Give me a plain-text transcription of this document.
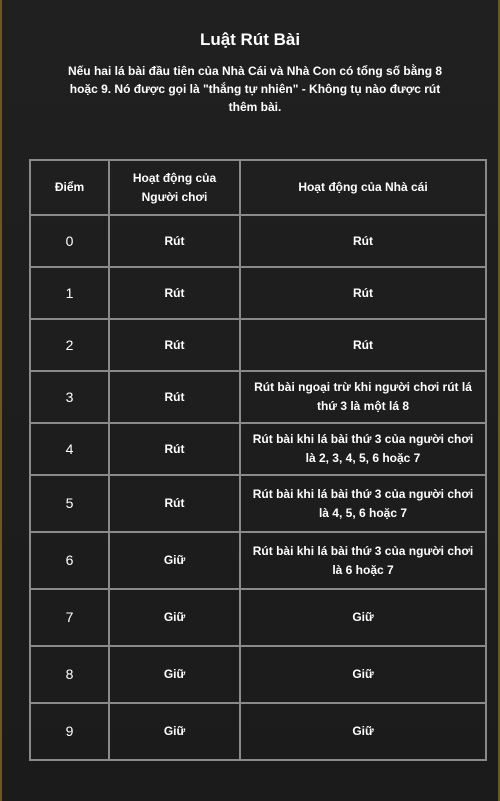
Luật Rút Bài
Nếu hai lá bài đầu tiên của Nhà Cái và Nhà Con có tổng số bằng 8 hoặc 9. Nó được gọi là "thắng tự nhiên" - Không tụ nào được rút thêm bài.
Điểm	Hoạt động của Người chơi	Hoạt động của Nhà cái
0	Rút	Rút
1	Rút	Rút
2	Rút	Rút
3	Rút	Rút bài ngoại trừ khi người chơi rút lá thứ 3 là một lá 8
4	Rút	Rút bài khi lá bài thứ 3 của người chơi là 2, 3, 4, 5, 6 hoặc 7
5	Rút	Rút bài khi lá bài thứ 3 của người chơi là 4, 5, 6 hoặc 7
6	Giữ	Rút bài khi lá bài thứ 3 của người chơi là 6 hoặc 7
7	Giữ	Giữ
8	Giữ	Giữ
9	Giữ	Giữ
